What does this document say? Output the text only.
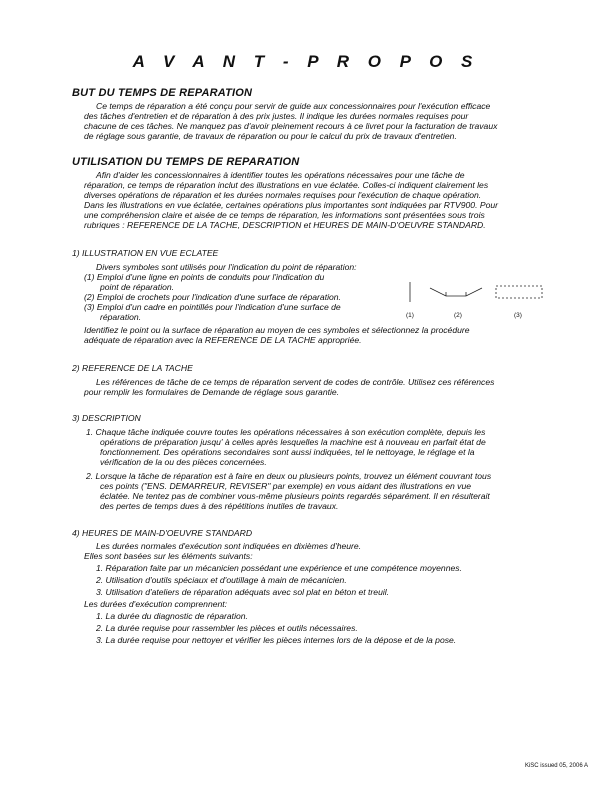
A V A N T - P R O P O S
BUT DU TEMPS DE REPARATION
Ce temps de réparation a été conçu pour servir de guide aux concessionnaires pour l'exécution efficace
des tâches d'entretien et de réparation à des prix justes. Il indique les durées normales requises pour
chacune de ces tâches. Ne manquez pas d'avoir pleinement recours à ce livret pour la facturation de travaux
de réglage sous garantie, de travaux de réparation ou pour le calcul du prix de travaux d'entretien.
UTILISATION DU TEMPS DE REPARATION
Afin d'aider les concessionnaires à identifier toutes les opérations nécessaires pour une tâche de
réparation, ce temps de réparation inclut des illustrations en vue éclatée. Colles-ci indiquent clairement les
diverses opérations de réparation et les durées normales requises pour l'exécution de chaque opération.
Dans les illustrations en vue éclatée, certaines opérations plus importantes sont indiquées par RTV900. Pour
une compréhension claire et aisée de ce temps de réparation, les informations sont présentées sous trois
rubriques : REFERENCE DE LA TACHE, DESCRIPTION et HEURES DE MAIN-D'OEUVRE STANDARD.
1) ILLUSTRATION EN VUE ECLATEE
Divers symboles sont utilisés pour l'indication du point de réparation:
(1) Emploi d'une ligne en points de conduits pour l'indication du
point de réparation.
(2) Emploi de crochets pour l'indication d'une surface de réparation.
(3) Emploi d'un cadre en pointillés pour l'indication d'une surface de
réparation.	(1)	(2)	(3)
Identifiez le point ou la surface de réparation au moyen de ces symboles et sélectionnez la procédure
adéquate de réparation avec la REFERENCE DE LA TACHE appropriée.
2) REFERENCE DE LA TACHE
Les références de tâche de ce temps de réparation servent de codes de contrôle. Utilisez ces références
pour remplir les formulaires de Demande de réglage sous garantie.
3) DESCRIPTION
1. Chaque tâche indiquée couvre toutes les opérations nécessaires à son exécution complète, depuis les
opérations de préparation jusqu' à celles après lesquelles la machine est à nouveau en parfait état de
fonctionnement. Des opérations secondaires sont aussi indiquées, tel le nettoyage, le réglage et la
vérification de la ou des pièces concernées.
2. Lorsque la tâche de réparation est à faire en deux ou plusieurs points, trouvez un élément couvrant tous
ces points ("ENS. DEMARREUR, REVISER" par exemple) en vous aidant des illustrations en vue
éclatée. Ne tentez pas de combiner vous-même plusieurs points regardés séparément. Il en résulterait
des pertes de temps dues à des répétitions inutiles de travaux.
4) HEURES DE MAIN-D'OEUVRE STANDARD
Les durées normales d'exécution sont indiquées en dixièmes d'heure.
Elles sont basées sur les éléments suivants:
1. Réparation faite par un mécanicien possédant une expérience et une compétence moyennes.
2. Utilisation d'outils spéciaux et d'outillage à main de mécanicien.
3. Utilisation d'ateliers de réparation adéquats avec sol plat en béton et treuil.
Les durées d'exécution comprennent:
1. La durée du diagnostic de réparation.
2. La durée requise pour rassembler les pièces et outils nécessaires.
3. La durée requise pour nettoyer et vérifier les pièces internes lors de la dépose et de la pose.
KiSC issued 05, 2006 A
